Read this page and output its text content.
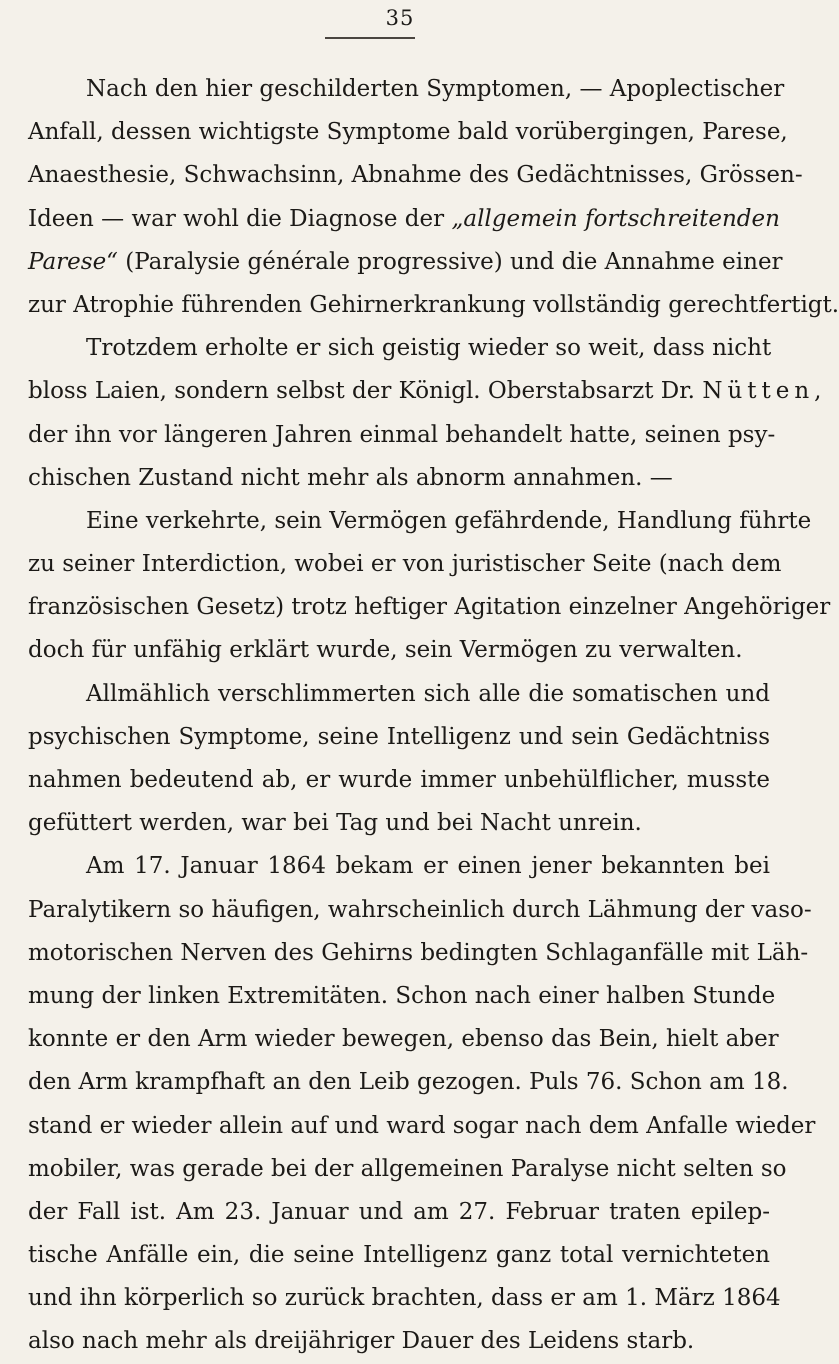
35
Nach den hier geschilderten Symptomen, — Apoplectischer
Anfall, dessen wichtigste Symptome bald vorübergingen, Parese,
Anaesthesie, Schwachsinn, Abnahme des Gedächtnisses, Grössen-
Ideen — war wohl die Diagnose der „allgemein fortschreitenden
Parese“ (Paralysie générale progressive) und die Annahme einer
zur Atrophie führenden Gehirnerkrankung vollständig gerechtfertigt.
Trotzdem erholte er sich geistig wieder so weit, dass nicht
bloss Laien, sondern selbst der Königl. Oberstabsarzt Dr. Nütten,
der ihn vor längeren Jahren einmal behandelt hatte, seinen psy-
chischen Zustand nicht mehr als abnorm annahmen. —
Eine verkehrte, sein Vermögen gefährdende, Handlung führte
zu seiner Interdiction, wobei er von juristischer Seite (nach dem
französischen Gesetz) trotz heftiger Agitation einzelner Angehöriger
doch für unfähig erklärt wurde, sein Vermögen zu verwalten.
Allmählich verschlimmerten sich alle die somatischen und
psychischen Symptome, seine Intelligenz und sein Gedächtniss
nahmen bedeutend ab, er wurde immer unbehülflicher, musste
gefüttert werden, war bei Tag und bei Nacht unrein.
Am 17. Januar 1864 bekam er einen jener bekannten bei
Paralytikern so häufigen, wahrscheinlich durch Lähmung der vaso-
motorischen Nerven des Gehirns bedingten Schlaganfälle mit Läh-
mung der linken Extremitäten. Schon nach einer halben Stunde
konnte er den Arm wieder bewegen, ebenso das Bein, hielt aber
den Arm krampfhaft an den Leib gezogen. Puls 76. Schon am 18.
stand er wieder allein auf und ward sogar nach dem Anfalle wieder
mobiler, was gerade bei der allgemeinen Paralyse nicht selten so
der Fall ist. Am 23. Januar und am 27. Februar traten epilep-
tische Anfälle ein, die seine Intelligenz ganz total vernichteten
und ihn körperlich so zurück brachten, dass er am 1. März 1864
also nach mehr als dreijähriger Dauer des Leidens starb.
